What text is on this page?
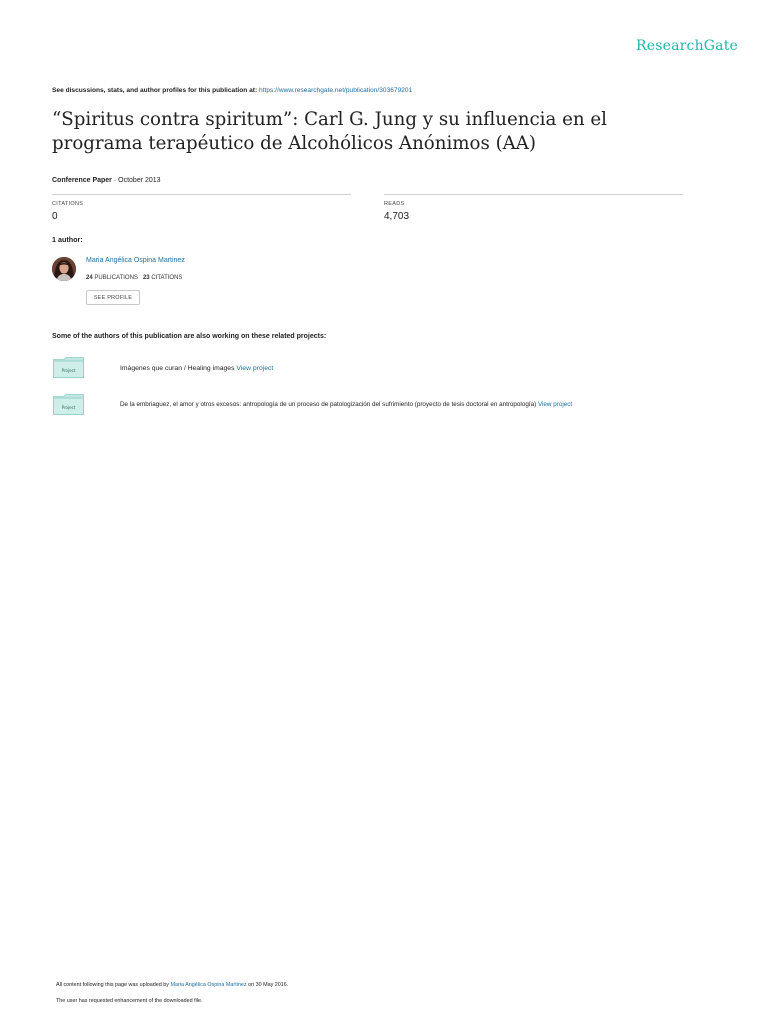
ResearchGate
See discussions, stats, and author profiles for this publication at: https://www.researchgate.net/publication/303679201
“Spiritus contra spiritum”: Carl G. Jung y su influencia en el programa terapéutico de Alcohólicos Anónimos (AA)
Conference Paper · October 2013
CITATIONS
0
READS
4,703
1 author:
Maria Angélica Ospina Martinez
24 PUBLICATIONS 23 CITATIONS
SEE PROFILE
Some of the authors of this publication are also working on these related projects:
Project	Imágenes que curan / Healing images View project
Project	De la embriaguez, el amor y otros excesos: antropología de un proceso de patologización del sufrimiento (proyecto de tesis doctoral en antropología) View project
All content following this page was uploaded by Maria Angélica Ospina Martinez on 30 May 2016.
The user has requested enhancement of the downloaded file.
